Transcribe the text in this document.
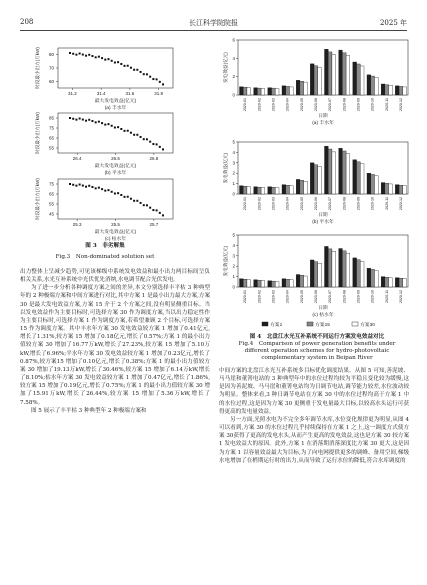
208	长江科学院院报	2025 年
60
70
80
31.2	31.4	31.6	31.8
时段最小出力(万kW)
最大发电效益(亿元)
(a) 丰水年
55
65
75
85
26.4	26.6	26.8
时段最小出力(万kW)
最大发电效益(亿元)
(b) 平水年
45
55
65
75
25.3	25.5	25.7
时段最小出力(万kW)
最大发电效益(亿元)
(c) 枯水年
图 3　非劣解集
Fig.3　Non-dominated solution set
0
2
4
6
2020-01	2020-02	2020-03	2020-04	2020-05	2020-06	2020-07	2020-08	2020-09	2020-10	2020-11	2020-12
发电效益(亿元)
日期
(a) 丰水年
0
1
2
3
4
5
2020-01	2020-02	2020-03	2020-04	2020-05	2020-06	2020-07	2020-08	2020-09	2020-10	2020-11	2020-12
发电效益(亿元)
日期
(b) 平水年
0
1
2
3
4
5
2020-01	2020-02	2020-03	2020-04	2020-05	2020-06	2020-07	2020-08	2020-09	2020-10	2020-11	2020-12
发电效益(亿元)
日期
(c) 枯水年
方案1	方案15	方案30
图 4　北盘江水光互补系统不同运行方案发电效益对比
Fig.4　Comparison of power generation benefits under
different operation schemes for hydro-photovoltaic
complementary system in Beipan River

出力整体上呈减少趋势,可见该梯级中系统发电效益和最小出力两目标间呈负相关关系,水光互补系统中光伏优先消纳,水电调节配合光伏发电。

为了进一步分析各种调度方案之间的差异,本文分别选择丰平枯 3 种典型年的 2 种极端方案和中间方案进行对比,其中方案 1 是最小出力最大方案,方案 30 是最大发电效益方案,方案 15 介于 2 个方案之间,没有明显侧重目标。当以发电效益作为主要目标时,可选择方案 30 作为调度方案,当以出力稳定性作为主要目标时,可选择方案 1 作为调度方案,若希望兼顾 2 个目标,可选择方案 15 作为调度方案。其中丰水年方案 30 发电效益较方案 1 增加了0.41亿元,增长了1.31%,较方案 15 增加了0.18亿元,增长了0.57%;方案 1 的最小出力值较方案 30 增加了16.77万kW,增长了27.23%,较方案 15 增加了5.10万kW,增长了6.96%;平水年方案 30 发电效益较方案 1 增加了0.23亿元,增长了0.87%,较方案15 增加了0.10亿元,增长了0.38%;方案 1 的最小出力值较方案 30 增加了19.13万kW,增长了30.46%,较方案 15 增加了6.14万kW,增长了8.10%;枯水年方案 30 发电效益较方案 1 增加了0.47亿元,增长了1.86%,较方案 15 增加了0.19亿元,增长了0.75%;方案 1 的最小出力值较方案 30 增加了15.91万kW,增长了26.44%,较方案 15 增加了5.36万kW,增长了7.58%。

图 5 展示了丰平枯 3 种典型年 2 种极端方案和

中间方案的北盘江水光互补系统多目标优化调度结果。从图 5 可知,善泥坡、马马崖和董箐电站的 3 种典型年中的水位过程均较为平稳且变化较为缓慢,这是因为善泥坡、马马崖和董箐电站均为日调节电站,调节能力较差,水位波动较为明显。整体来看,3 种日调节电站在方案 30 中的水位过程均高于方案 1 中的水位过程,这是因为方案 30 更侧重于发电量最大目标,以较高水头运行可获得更高的发电量效益。

另一方面,光照水电为不完全多年调节水库,水位变化规律更为明显,从图 4 可以看到,方案 30 的水位过程几乎持续保持在方案 1 之上,这一调度方式使方案 30获得了更高的发电水头,从而产生更高的发电效益,这也是方案 30 较方案 1 发电效益大的原因。此外,方案 1 在消落期消落深度比方案 30 更大,这是因为方案 1 以容量效益最大为目标,为了向电网提供更多的调峰、备用空间,梯级水电增加了在梢期运行时的出力,从而导致了运行水位的降低,符合水库调度的
